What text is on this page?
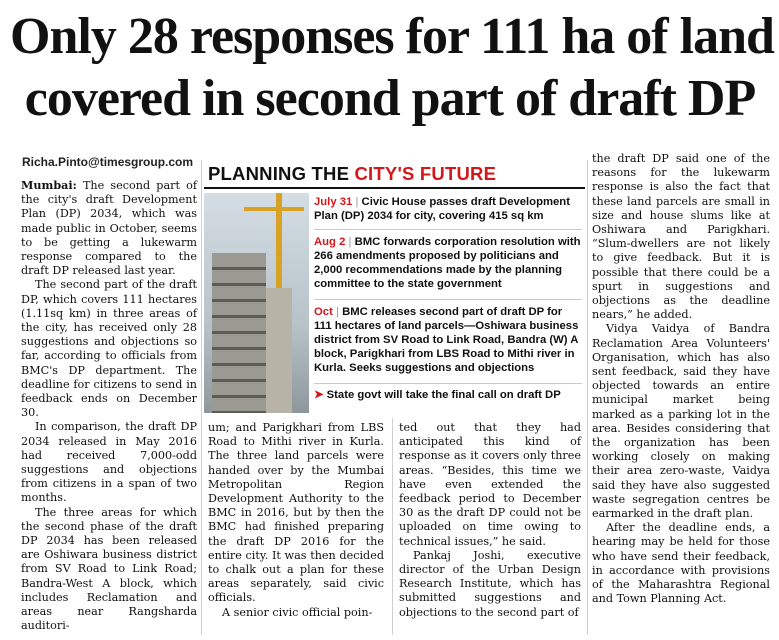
Only 28 responses for 111 ha of land
covered in second part of draft DP
Richa.Pinto@timesgroup.com

Mumbai: The second part of the city's draft Development Plan (DP) 2034, which was made public in October, seems to be getting a lukewarm response compared to the draft DP released last year.

The second part of the draft DP, which covers 111 hectares (1.11sq km) in three areas of the city, has received only 28 suggestions and objections so far, according to officials from BMC's DP department. The deadline for citizens to send in feedback ends on December 30.

In comparison, the draft DP 2034 released in May 2016 had received 7,000-odd suggestions and objections from citizens in a span of two months.

The three areas for which the second phase of the draft DP 2034 has been released are Oshiwara business district from SV Road to Link Road; Bandra-West A block, which includes Reclamation and areas near Rangsharda auditori-

PLANNING THE CITY'S FUTURE
July 31 | Civic House passes draft Development Plan (DP) 2034 for city, covering 415 sq km
Aug 2 | BMC forwards corporation resolution with 266 amendments proposed by politicians and 2,000 recommendations made by the planning committee to the state government
Oct | BMC releases second part of draft DP for 111 hectares of land parcels—Oshiwara business district from SV Road to Link Road, Bandra (W) A block, Parigkhari from LBS Road to Mithi river in Kurla. Seeks suggestions and objections
➤ State govt will take the final call on draft DP

um; and Parigkhari from LBS Road to Mithi river in Kurla. The three land parcels were handed over by the Mumbai Metropolitan Region Development Authority to the BMC in 2016, but by then the BMC had finished preparing the draft DP 2016 for the entire city. It was then decided to chalk out a plan for these areas separately, said civic officials.

A senior civic official poin-

ted out that they had anticipated this kind of response as it covers only three areas. “Besides, this time we have even extended the feedback period to December 30 as the draft DP could not be uploaded on time owing to technical issues,” he said.

Pankaj Joshi, executive director of the Urban Design Research Institute, which has submitted suggestions and objections to the second part of

the draft DP said one of the reasons for the lukewarm response is also the fact that these land parcels are small in size and house slums like at Oshiwara and Parigkhari. “Slum-dwellers are not likely to give feedback. But it is possible that there could be a spurt in suggestions and objections as the deadline nears,” he added.

Vidya Vaidya of Bandra Reclamation Area Volunteers' Organisation, which has also sent feedback, said they have objected towards an entire municipal market being marked as a parking lot in the area. Besides considering that the organization has been working closely on making their area zero-waste, Vaidya said they have also suggested waste segregation centres be earmarked in the draft plan.

After the deadline ends, a hearing may be held for those who have send their feedback, in accordance with provisions of the Maharashtra Regional and Town Planning Act.
